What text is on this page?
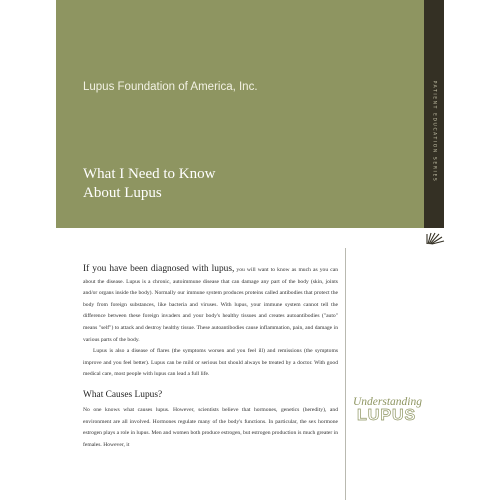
Lupus Foundation of America, Inc.
What I Need to Know
About Lupus
PATIENT EDUCATION SERIES
Understanding
LUPUS

If you have been diagnosed with lupus, you will want to know as much as you can about the disease. Lupus is a chronic, autoimmune disease that can damage any part of the body (skin, joints and/or organs inside the body). Normally our immune system produces proteins called antibodies that protect the body from foreign substances, like bacteria and viruses. With lupus, your immune system cannot tell the difference between these foreign invaders and your body's healthy tissues and creates autoantibodies ("auto" means "self") to attack and destroy healthy tissue. These autoantibodies cause inflammation, pain, and damage in various parts of the body.

Lupus is also a disease of flares (the symptoms worsen and you feel ill) and remissions (the symptoms improve and you feel better). Lupus can be mild or serious but should always be treated by a doctor. With good medical care, most people with lupus can lead a full life.

What Causes Lupus?

No one knows what causes lupus. However, scientists believe that hormones, genetics (heredity), and environment are all involved. Hormones regulate many of the body's functions. In particular, the sex hormone estrogen plays a role in lupus. Men and women both produce estrogen, but estrogen production is much greater in females. However, it
